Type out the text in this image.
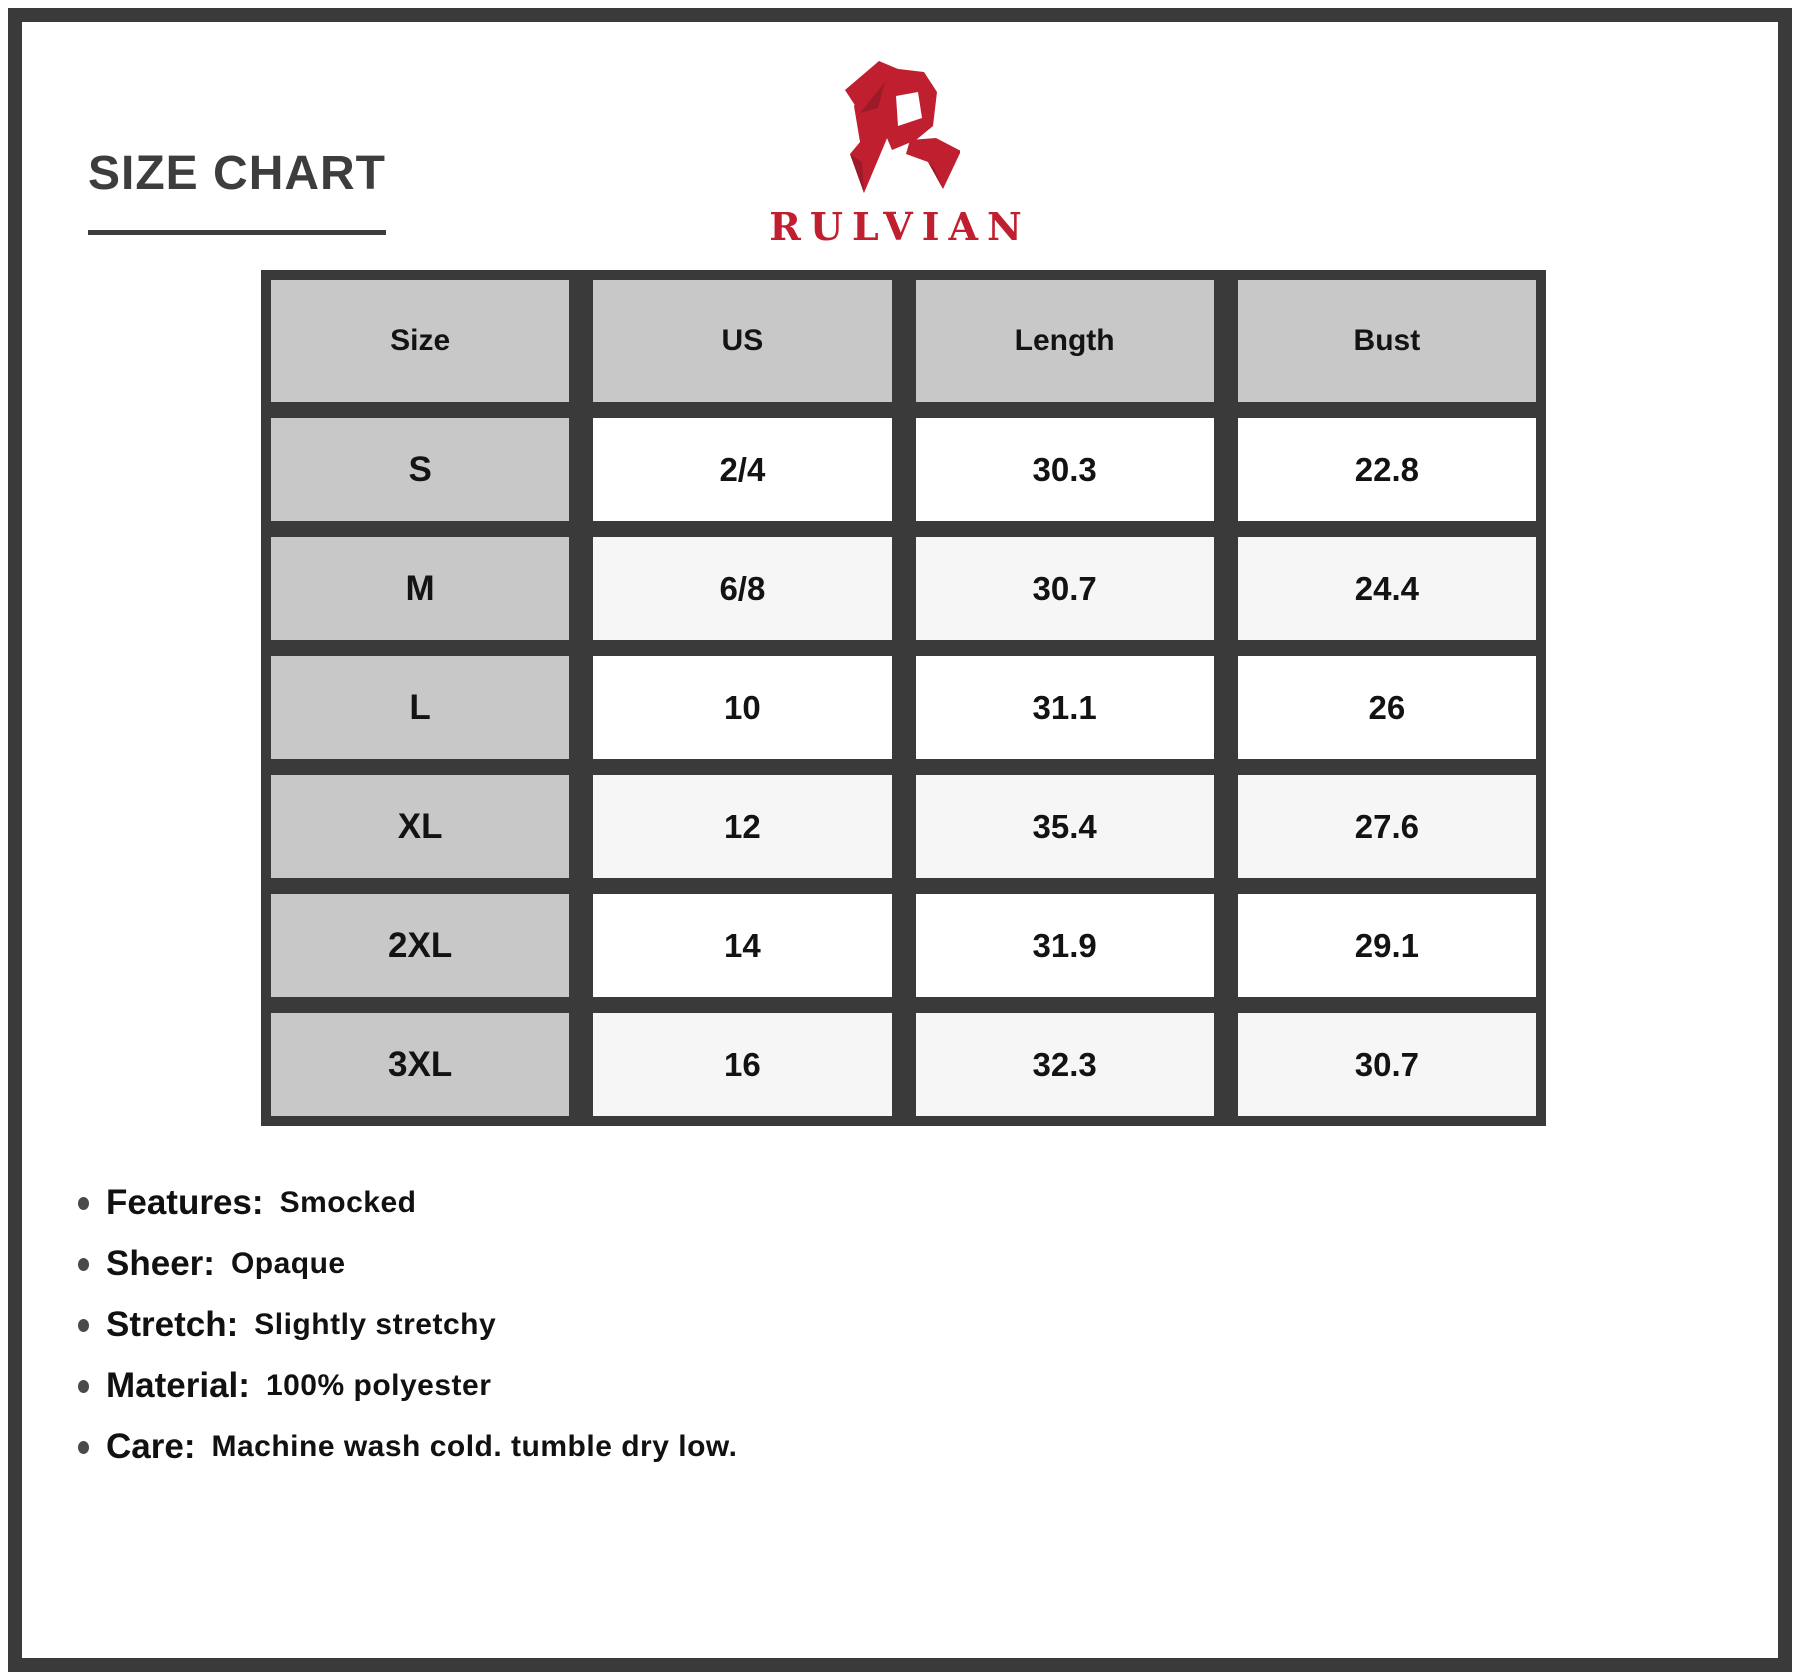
SIZE CHART
RULVIAN
Size	US	Length	Bust
S	2/4	30.3	22.8
M	6/8	30.7	24.4
L	10	31.1	26
XL	12	35.4	27.6
2XL	14	31.9	29.1
3XL	16	32.3	30.7
Features: Smocked
Sheer: Opaque
Stretch: Slightly stretchy
Material: 100% polyester
Care: Machine wash cold. tumble dry low.
